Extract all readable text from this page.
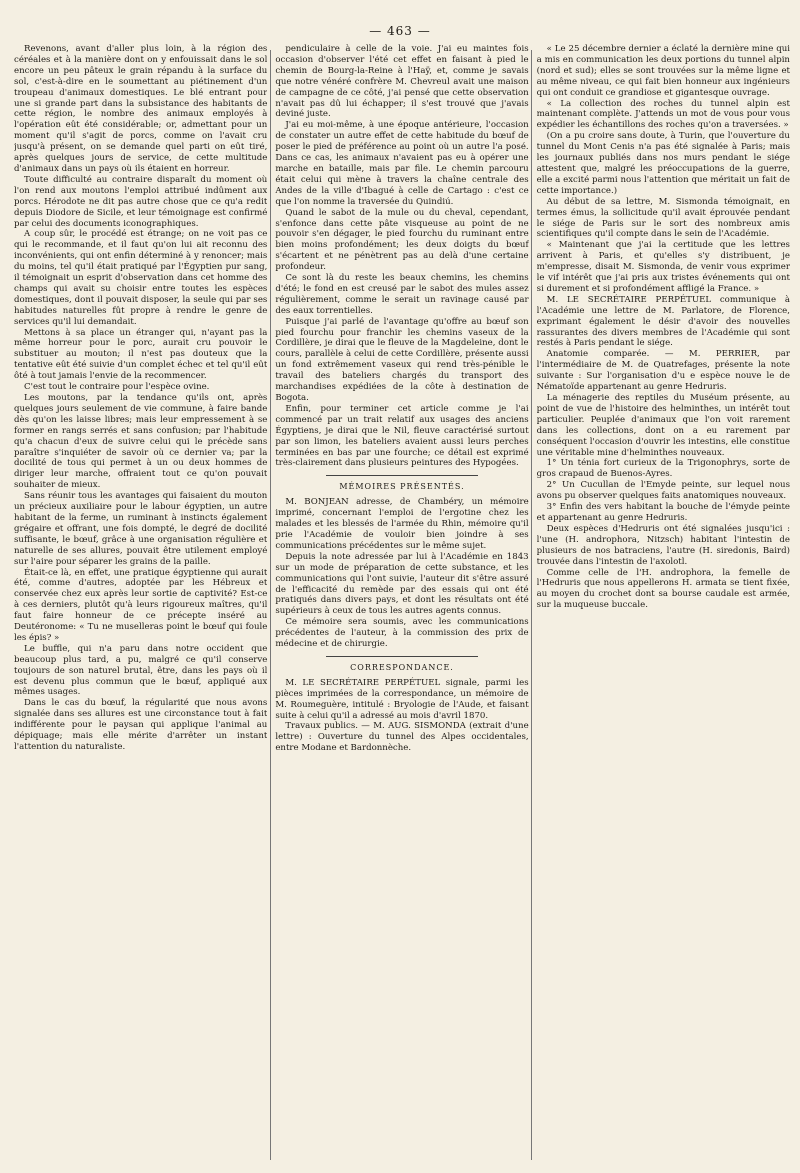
— 463 —

Revenons, avant d'aller plus loin, à la région des céréales et à la manière dont on y enfouissait dans le sol encore un peu pâteux le grain répandu à la surface du sol, c'est-à-dire en le soumettant au piétinement d'un troupeau d'animaux domestiques. Le blé entrant pour une si grande part dans la subsistance des habitants de cette région, le nombre des animaux employés à l'opération eût été considérable; or, admettant pour un moment qu'il s'agit de porcs, comme on l'avait cru jusqu'à présent, on se demande quel parti on eût tiré, après quelques jours de service, de cette multitude d'animaux dans un pays où ils étaient en horreur.

Toute difficulté au contraire disparaît du moment où l'on rend aux moutons l'emploi attribué indûment aux porcs. Hérodote ne dit pas autre chose que ce qu'a redit depuis Diodore de Sicile, et leur témoignage est confirmé par celui des documents iconographiques.

A coup sûr, le procédé est étrange; on ne voit pas ce qui le recommande, et il faut qu'on lui ait reconnu des inconvénients, qui ont enfin déterminé à y renoncer; mais du moins, tel qu'il était pratiqué par l'Égyptien pur sang, il témoignait un esprit d'observation dans cet homme des champs qui avait su choisir entre toutes les espèces domestiques, dont il pouvait disposer, la seule qui par ses habitudes naturelles fût propre à rendre le genre de services qu'il lui demandait.

Mettons à sa place un étranger qui, n'ayant pas la même horreur pour le porc, aurait cru pouvoir le substituer au mouton; il n'est pas douteux que la tentative eût été suivie d'un complet échec et tel qu'il eût ôté à tout jamais l'envie de la recommencer.

C'est tout le contraire pour l'espèce ovine.

Les moutons, par la tendance qu'ils ont, après quelques jours seulement de vie commune, à faire bande dès qu'on les laisse libres; mais leur empressement à se former en rangs serrés et sans confusion; par l'habitude qu'a chacun d'eux de suivre celui qui le précède sans paraître s'inquiéter de savoir où ce dernier va; par la docilité de tous qui permet à un ou deux hommes de diriger leur marche, offraient tout ce qu'on pouvait souhaiter de mieux.

Sans réunir tous les avantages qui faisaient du mouton un précieux auxiliaire pour le labour égyptien, un autre habitant de la ferme, un ruminant à instincts également grégaire et offrant, une fois dompté, le degré de docilité suffisante, le bœuf, grâce à une organisation régulière et naturelle de ses allures, pouvait être utilement employé sur l'aire pour séparer les grains de la paille.

Était-ce là, en effet, une pratique égyptienne qui aurait été, comme d'autres, adoptée par les Hébreux et conservée chez eux après leur sortie de captivité? Est-ce à ces derniers, plutôt qu'à leurs rigoureux maîtres, qu'il faut faire honneur de ce précepte inséré au Deutéronome: « Tu ne muselleras point le bœuf qui foule les épis? »

Le buffle, qui n'a paru dans notre occident que beaucoup plus tard, a pu, malgré ce qu'il conserve toujours de son naturel brutal, être, dans les pays où il est devenu plus commun que le bœuf, appliqué aux mêmes usages.

Dans le cas du bœuf, la régularité que nous avons signalée dans ses allures est une circonstance tout à fait indifférente pour le paysan qui applique l'animal au dépiquage; mais elle mérite d'arrêter un instant l'attention du naturaliste.

pendiculaire à celle de la voie. J'ai eu maintes fois occasion d'observer l'été cet effet en faisant à pied le chemin de Bourg-la-Reine à l'Haÿ, et, comme je savais que notre vénéré confrère M. Chevreul avait une maison de campagne de ce côté, j'ai pensé que cette observation n'avait pas dû lui échapper; il s'est trouvé que j'avais deviné juste.

J'ai eu moi-même, à une époque antérieure, l'occasion de constater un autre effet de cette habitude du bœuf de poser le pied de préférence au point où un autre l'a posé. Dans ce cas, les animaux n'avaient pas eu à opérer une marche en bataille, mais par file. Le chemin parcouru était celui qui mène à travers la chaîne centrale des Andes de la ville d'Ibagué à celle de Cartago : c'est ce que l'on nomme la traversée du Quindiú.

Quand le sabot de la mule ou du cheval, cependant, s'enfonce dans cette pâte visqueuse au point de ne pouvoir s'en dégager, le pied fourchu du ruminant entre bien moins profondément; les deux doigts du bœuf s'écartent et ne pénètrent pas au delà d'une certaine profondeur.

Ce sont là du reste les beaux chemins, les chemins d'été; le fond en est creusé par le sabot des mules assez régulièrement, comme le serait un ravinage causé par des eaux torrentielles.

Puisque j'ai parlé de l'avantage qu'offre au bœuf son pied fourchu pour franchir les chemins vaseux de la Cordillère, je dirai que le fleuve de la Magdeleine, dont le cours, parallèle à celui de cette Cordillère, présente aussi un fond extrêmement vaseux qui rend très-pénible le travail des bateliers chargés du transport des marchandises expédiées de la côte à destination de Bogota.

Enfin, pour terminer cet article comme je l'ai commencé par un trait relatif aux usages des anciens Égyptiens, je dirai que le Nil, fleuve caractérisé surtout par son limon, les bateliers avaient aussi leurs perches terminées en bas par une fourche; ce détail est exprimé très-clairement dans plusieurs peintures des Hypogées.

MÉMOIRES PRÉSENTÉS.

M. BONJEAN adresse, de Chambéry, un mémoire imprimé, concernant l'emploi de l'ergotine chez les malades et les blessés de l'armée du Rhin, mémoire qu'il prie l'Académie de vouloir bien joindre à ses communications précédentes sur le même sujet.

Depuis la note adressée par lui à l'Académie en 1843 sur un mode de préparation de cette substance, et les communications qui l'ont suivie, l'auteur dit s'être assuré de l'efficacité du remède par des essais qui ont été pratiqués dans divers pays, et dont les résultats ont été supérieurs à ceux de tous les autres agents connus.

Ce mémoire sera soumis, avec les communications précédentes de l'auteur, à la commission des prix de médecine et de chirurgie.

CORRESPONDANCE.

M. LE SECRÉTAIRE PERPÉTUEL signale, parmi les pièces imprimées de la correspondance, un mémoire de M. Roumeguère, intitulé : Bryologie de l'Aude, et faisant suite à celui qu'il a adressé au mois d'avril 1870.

Travaux publics. — M. AUG. SISMONDA (extrait d'une lettre) : Ouverture du tunnel des Alpes occidentales, entre Modane et Bardonnèche.

« Le 25 décembre dernier a éclaté la dernière mine qui a mis en communication les deux portions du tunnel alpin (nord et sud); elles se sont trouvées sur la même ligne et au même niveau, ce qui fait bien honneur aux ingénieurs qui ont conduit ce grandiose et gigantesque ouvrage.

« La collection des roches du tunnel alpin est maintenant complète. J'attends un mot de vous pour vous expédier les échantillons des roches qu'on a traversées. »

(On a pu croire sans doute, à Turin, que l'ouverture du tunnel du Mont Cenis n'a pas été signalée à Paris; mais les journaux publiés dans nos murs pendant le siége attestent que, malgré les préoccupations de la guerre, elle a excité parmi nous l'attention que méritait un fait de cette importance.)

Au début de sa lettre, M. Sismonda témoignait, en termes émus, la sollicitude qu'il avait éprouvée pendant le siége de Paris sur le sort des nombreux amis scientifiques qu'il compte dans le sein de l'Académie.

« Maintenant que j'ai la certitude que les lettres arrivent à Paris, et qu'elles s'y distribuent, je m'empresse, disait M. Sismonda, de venir vous exprimer le vif intérêt que j'ai pris aux tristes événements qui ont si durement et si profondément affligé la France. »

M. LE SECRÉTAIRE PERPÉTUEL communique à l'Académie une lettre de M. Parlatore, de Florence, exprimant également le désir d'avoir des nouvelles rassurantes des divers membres de l'Académie qui sont restés à Paris pendant le siége.

Anatomie comparée. — M. PERRIER, par l'intermédiaire de M. de Quatrefages, présente la note suivante : Sur l'organisation d'u e espèce nouve le de Nématoïde appartenant au genre Hedruris.

La ménagerie des reptiles du Muséum présente, au point de vue de l'histoire des helminthes, un intérêt tout particulier. Peuplée d'animaux que l'on voit rarement dans les collections, dont on a eu rarement par conséquent l'occasion d'ouvrir les intestins, elle constitue une véritable mine d'helminthes nouveaux.

1° Un ténia fort curieux de la Trigonophrys, sorte de gros crapaud de Buenos-Ayres.

2° Un Cucullan de l'Emyde peinte, sur lequel nous avons pu observer quelques faits anatomiques nouveaux.

3° Enfin des vers habitant la bouche de l'émyde peinte et appartenant au genre Hedruris.

Deux espèces d'Hedruris ont été signalées jusqu'ici : l'une (H. androphora, Nitzsch) habitant l'intestin de plusieurs de nos batraciens, l'autre (H. siredonis, Baird) trouvée dans l'intestin de l'axolotl.

Comme celle de l'H. androphora, la femelle de l'Hedruris que nous appellerons H. armata se tient fixée, au moyen du crochet dont sa bourse caudale est armée, sur la muqueuse buccale.
